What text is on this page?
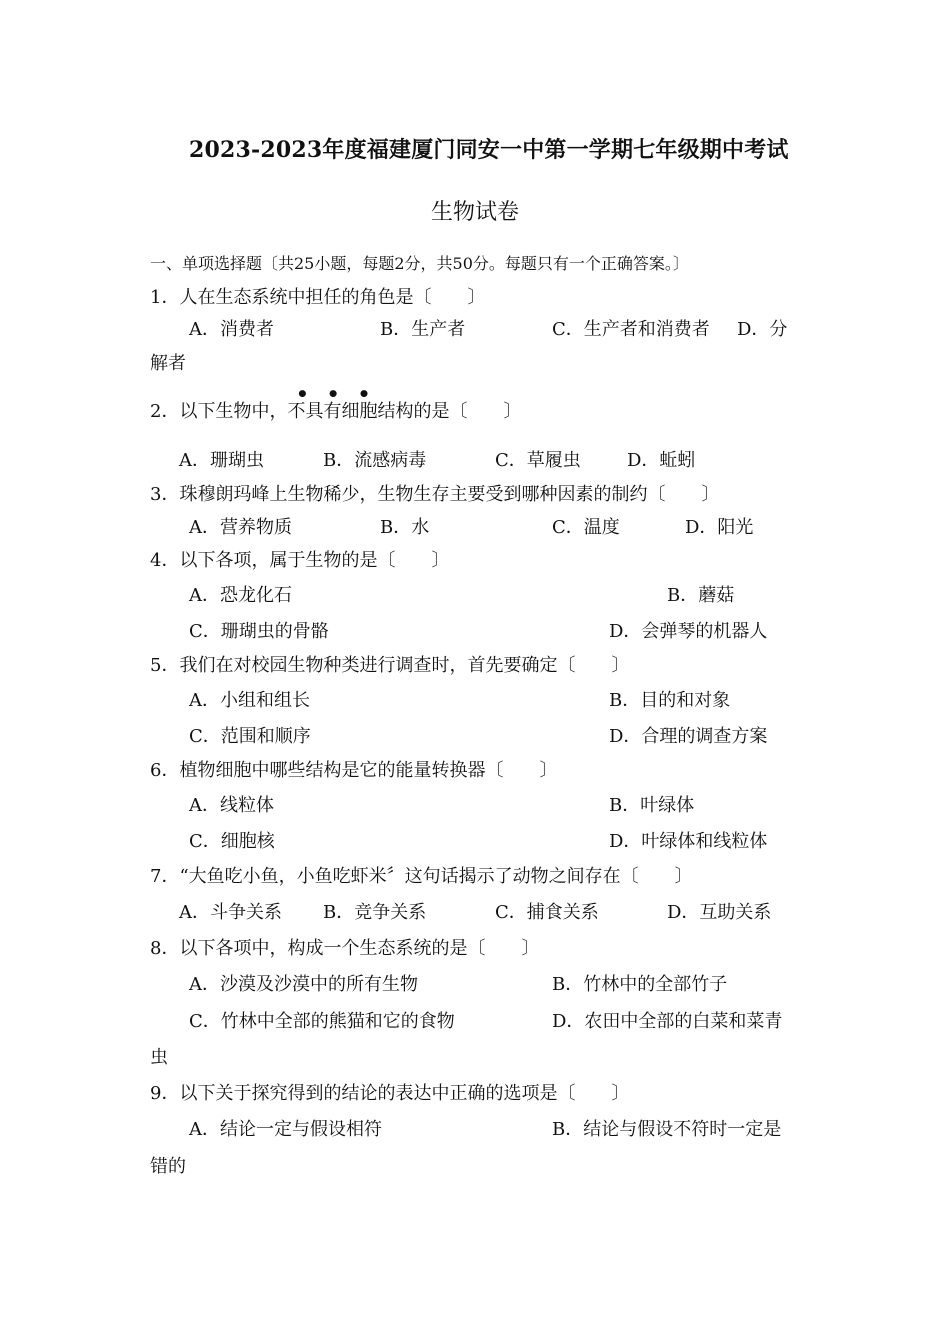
2023-2023年度福建厦门同安一中第一学期七年级期中考试
生物试卷
一、单项选择题〔共25小题，每题2分，共50分。每题只有一个正确答案。〕
1．人在生态系统中担任的角色是〔　　〕
A．消费者	B．生产者	C．生产者和消费者 D．分
解者
•••
2．以下生物中，不具有细胞结构的是〔　　〕
A．珊瑚虫	B．流感病毒	C．草履虫	D．蚯蚓
3．珠穆朗玛峰上生物稀少，生物生存主要受到哪种因素的制约〔　　〕
A．营养物质	B．水	C．温度	D．阳光
4．以下各项，属于生物的是〔　　〕
A．恐龙化石	B．蘑菇
C．珊瑚虫的骨骼	D．会弹琴的机器人
5．我们在对校园生物种类进行调查时，首先要确定〔　　〕
A．小组和组长	B．目的和对象
C．范围和顺序	D．合理的调查方案
6．植物细胞中哪些结构是它的能量转换器〔　　〕
A．线粒体	B．叶绿体
C．细胞核	D．叶绿体和线粒体
7．“大鱼吃小鱼，小鱼吃虾米〞这句话揭示了动物之间存在〔　　〕
A．斗争关系 B．竞争关系	C．捕食关系	D．互助关系
8．以下各项中，构成一个生态系统的是〔　　〕
A．沙漠及沙漠中的所有生物	B．竹林中的全部竹子
C．竹林中全部的熊猫和它的食物	D．农田中全部的白菜和菜青
虫
9．以下关于探究得到的结论的表达中正确的选项是〔　　〕
A．结论一定与假设相符	B．结论与假设不符时一定是
错的
